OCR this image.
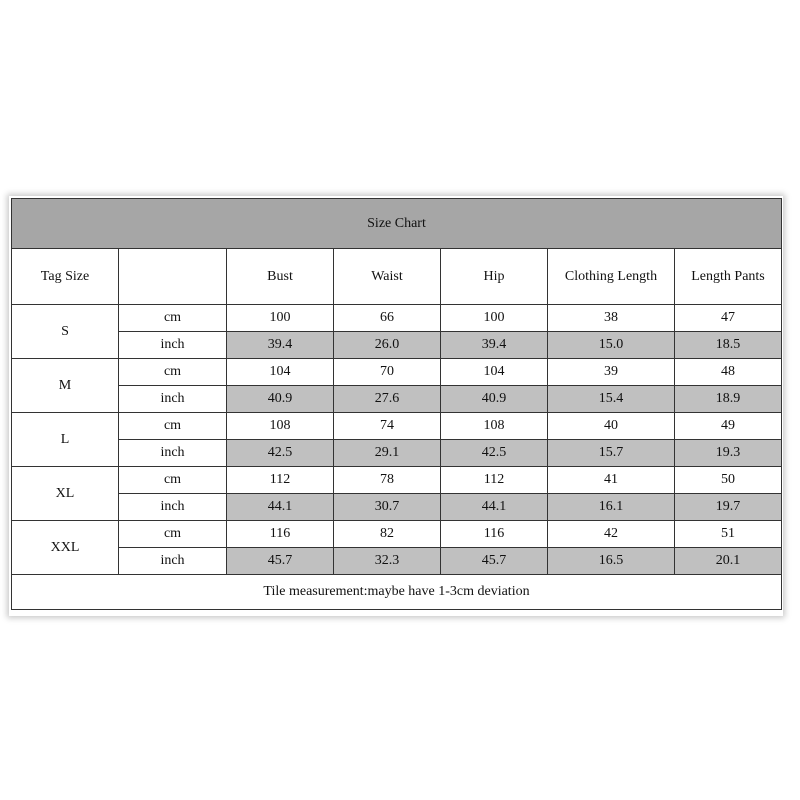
Size Chart						
Tag Size		Bust	Waist	Hip	Clothing Length	Length Pants
S	cm	100	66	100	38	47
	inch	39.4	26.0	39.4	15.0	18.5
M	cm	104	70	104	39	48
	inch	40.9	27.6	40.9	15.4	18.9
L	cm	108	74	108	40	49
	inch	42.5	29.1	42.5	15.7	19.3
XL	cm	112	78	112	41	50
	inch	44.1	30.7	44.1	16.1	19.7
XXL	cm	116	82	116	42	51
	inch	45.7	32.3	45.7	16.5	20.1
Tile measurement:maybe have 1-3cm deviation						
